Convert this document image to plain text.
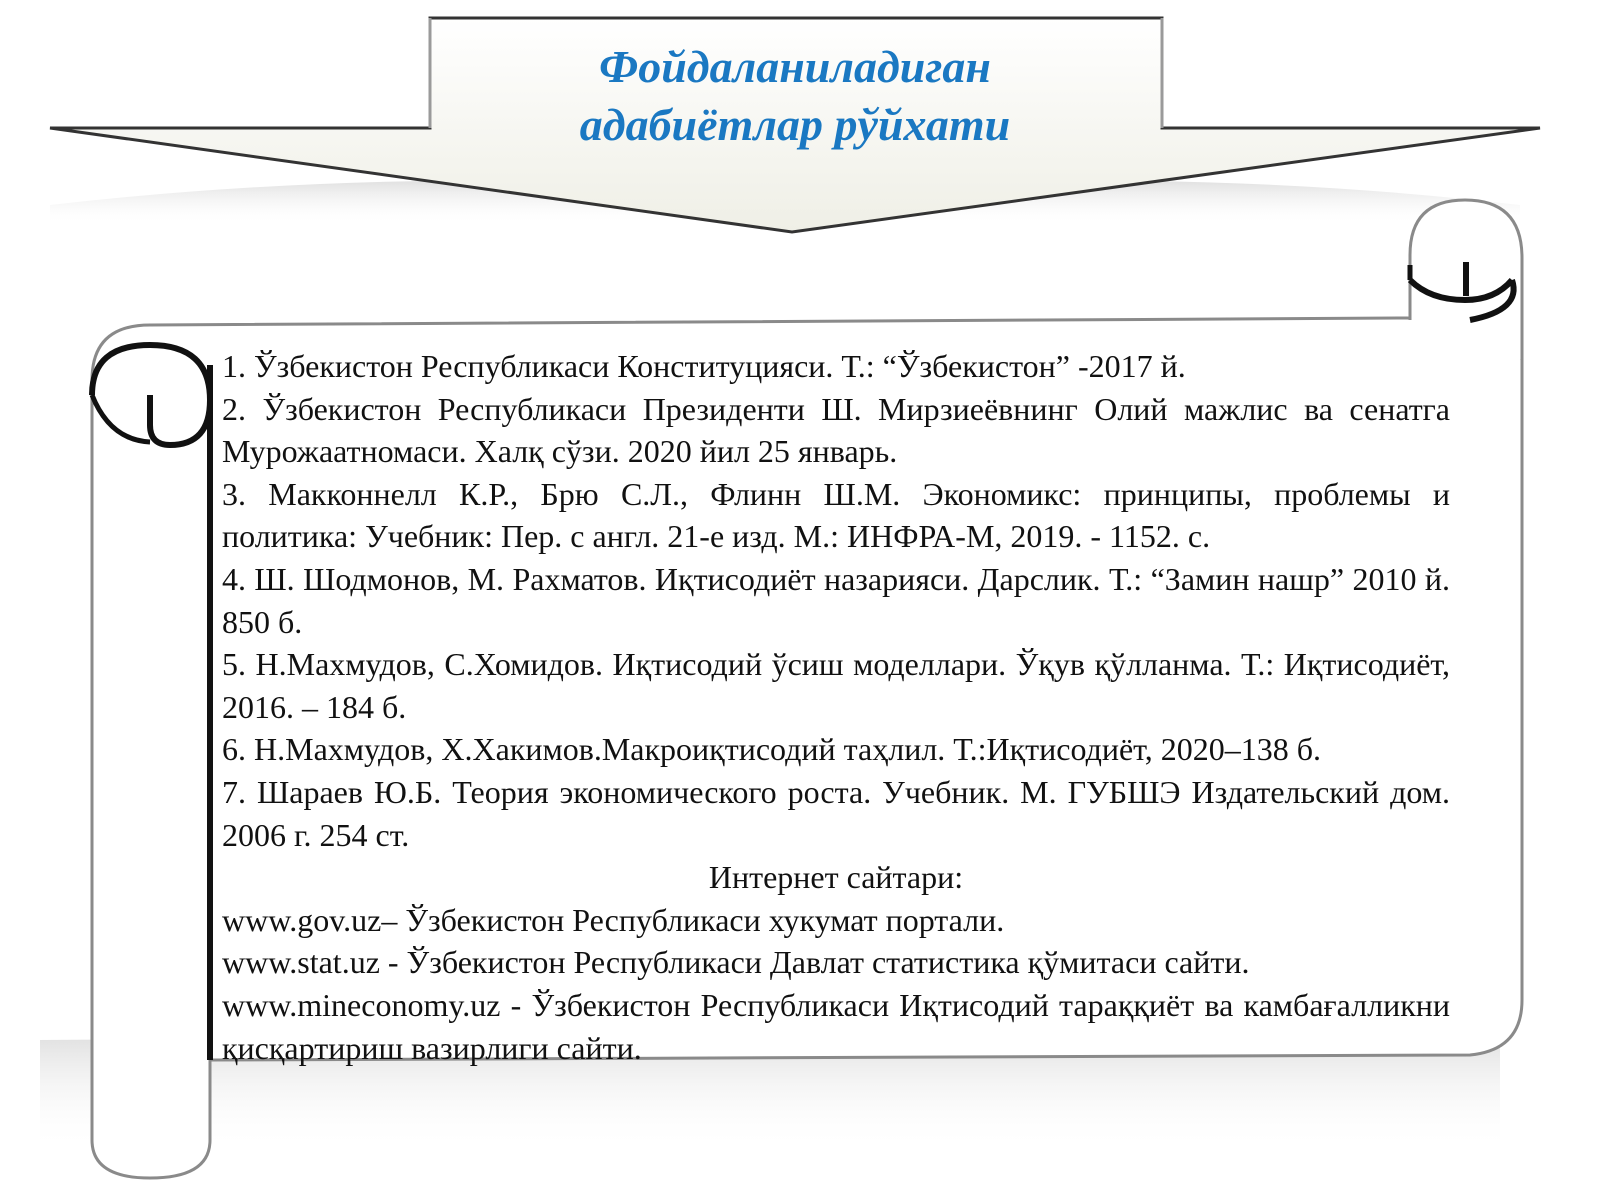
Фойдаланиладиган
адабиётлар рўйхати

1. Ўзбекистон Республикаси Конституцияси. Т.: “Ўзбекистон” -2017 й.

2. Ўзбекистон Республикаси Президенти Ш. Мирзиеёвнинг Олий мажлис ва сенатга Мурожаатномаси. Халқ сўзи. 2020 йил 25 январь.

3. Макконнелл К.Р., Брю С.Л., Флинн Ш.М. Экономикс: принципы, проблемы и политика: Учебник: Пер. с англ. 21-е изд. М.: ИНФРА-М, 2019. - 1152. с.

4. Ш. Шодмонов, М. Рахматов. Иқтисодиёт назарияси. Дарслик. Т.: “Замин нашр” 2010 й. 850 б.

5. Н.Махмудов, С.Хомидов. Иқтисодий ўсиш моделлари. Ўқув қўлланма. Т.: Иқтисодиёт, 2016. – 184 б.

6. Н.Махмудов, Х.Хакимов.Макроиқтисодий таҳлил. Т.:Иқтисодиёт, 2020–138 б.

7. Шараев Ю.Б. Теория экономического роста. Учебник. М. ГУБШЭ Издательский дом. 2006 г. 254 ст.

Интернет сайтари:

www.gov.uz– Ўзбекистон Республикаси хукумат портали.

www.stat.uz - Ўзбекистон Республикаси Давлат статистика қўмитаси сайти.

www.mineconomy.uz - Ўзбекистон Республикаси Иқтисодий тараққиёт ва камбағалликни қисқартириш вазирлиги сайти.
